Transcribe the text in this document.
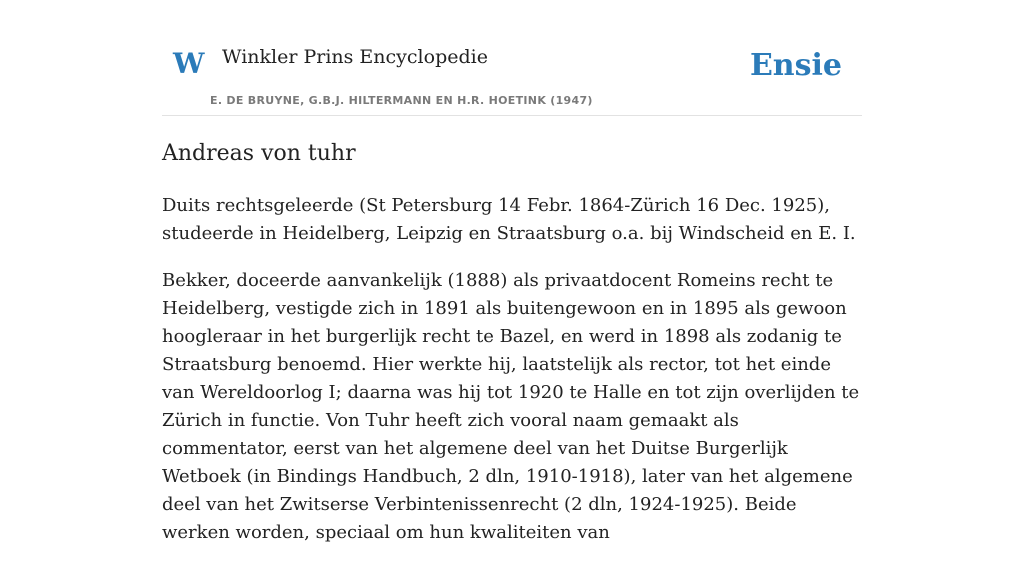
W Winkler Prins Encyclopedie
E. DE BRUYNE, G.B.J. HILTERMANN EN H.R. HOETINK (1947)
Ensie
Andreas von tuhr

Duits rechtsgeleerde (St Petersburg 14 Febr. 1864-Zürich 16 Dec. 1925), studeerde in Heidelberg, Leipzig en Straatsburg o.a. bij Windscheid en E. I.

Bekker, doceerde aanvankelijk (1888) als privaatdocent Romeins recht te Heidelberg, vestigde zich in 1891 als buitengewoon en in 1895 als gewoon hoogleraar in het burgerlijk recht te Bazel, en werd in 1898 als zodanig te Straatsburg benoemd. Hier werkte hij, laatstelijk als rector, tot het einde van Wereldoorlog I; daarna was hij tot 1920 te Halle en tot zijn overlijden te Zürich in functie. Von Tuhr heeft zich vooral naam gemaakt als commentator, eerst van het algemene deel van het Duitse Burgerlijk Wetboek (in Bindings Handbuch, 2 dln, 1910-1918), later van het algemene deel van het Zwitserse Verbintenissenrecht (2 dln, 1924-1925). Beide werken worden, speciaal om hun kwaliteiten van
